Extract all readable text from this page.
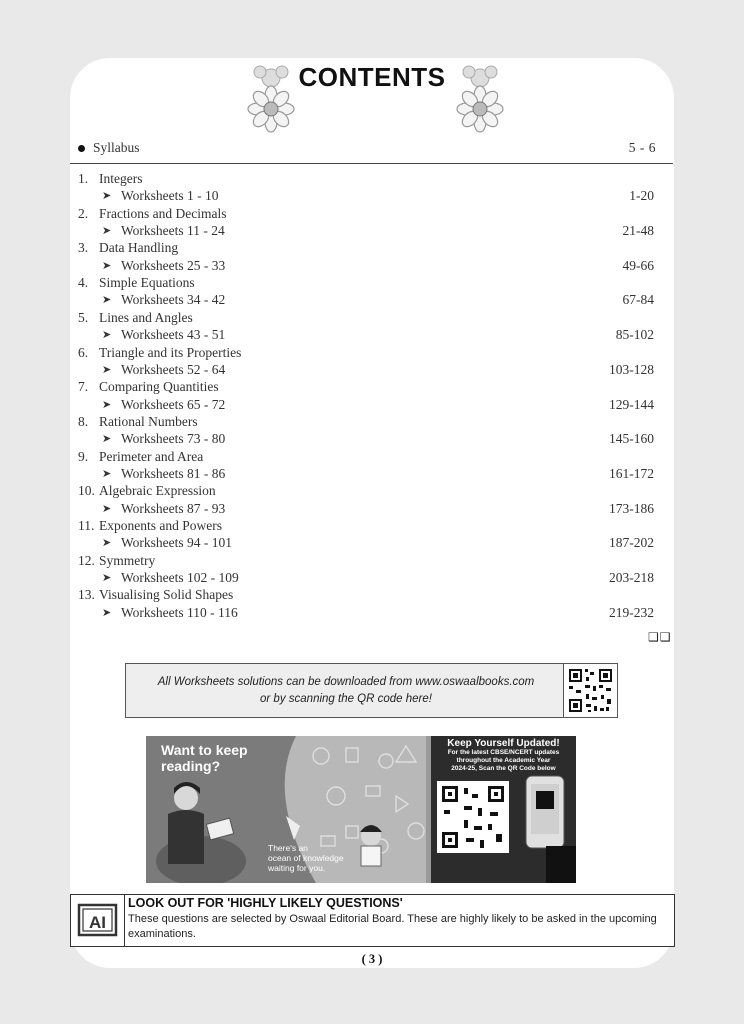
CONTENTS
Syllabus	5 - 6
1. Integers
➤ Worksheets 1 - 10	1-20
2. Fractions and Decimals
➤ Worksheets 11 - 24	21-48
3. Data Handling
➤ Worksheets 25 - 33	49-66
4. Simple Equations
➤ Worksheets 34 - 42	67-84
5. Lines and Angles
➤ Worksheets 43 - 51	85-102
6. Triangle and its Properties
➤ Worksheets 52 - 64	103-128
7. Comparing Quantities
➤ Worksheets 65 - 72	129-144
8. Rational Numbers
➤ Worksheets 73 - 80	145-160
9. Perimeter and Area
➤ Worksheets 81 - 86	161-172
10. Algebraic Expression
➤ Worksheets 87 - 93	173-186
11. Exponents and Powers
➤ Worksheets 94 - 101	187-202
12. Symmetry
➤ Worksheets 102 - 109	203-218
13. Visualising Solid Shapes
➤ Worksheets 110 - 116	219-232
❑❑
All Worksheets solutions can be downloaded from www.oswaalbooks.com
or by scanning the QR code here!
Want to keep
reading?
Keep Yourself Updated!
For the latest CBSE/NCERT updates
throughout the Academic Year
2024-25, Scan the QR Code below
There's an
ocean of knowledge
waiting for you.
AI
LOOK OUT FOR 'HIGHLY LIKELY QUESTIONS'
These questions are selected by Oswaal Editorial Board. These are highly likely to be asked in the upcoming examinations.
( 3 )
